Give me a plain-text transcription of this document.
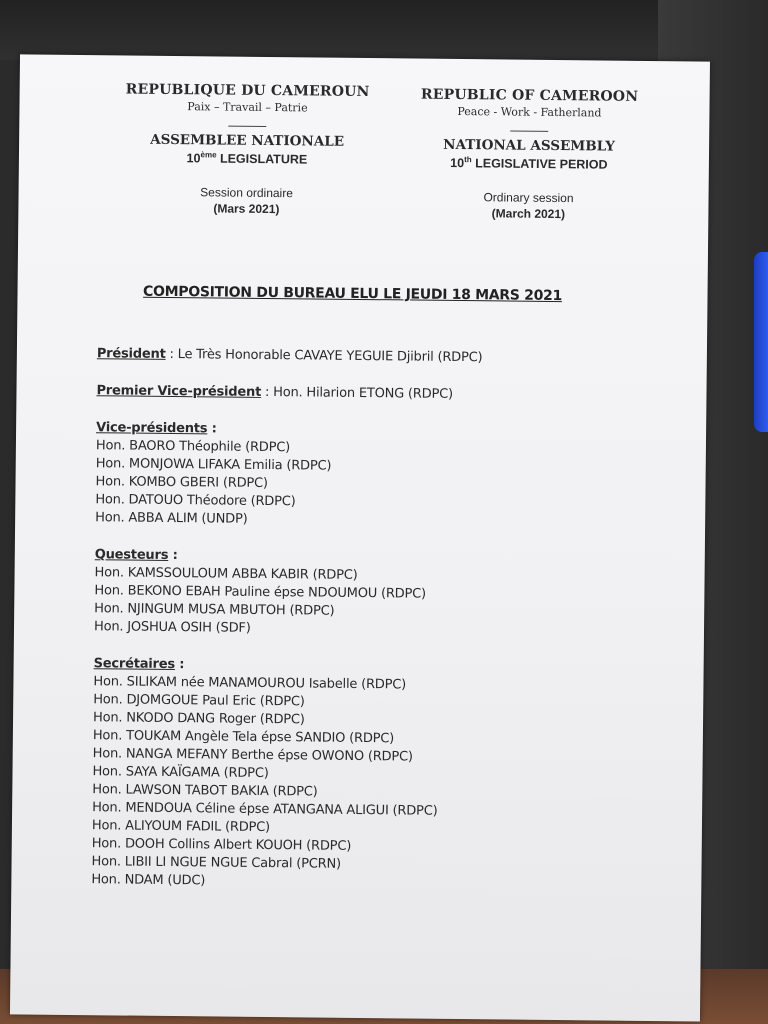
REPUBLIQUE DU CAMEROUN
Paix – Travail – Patrie
ASSEMBLEE NATIONALE
10ème LEGISLATURE
Session ordinaire
(Mars 2021)
REPUBLIC OF CAMEROON
Peace - Work - Fatherland
NATIONAL ASSEMBLY
10th LEGISLATIVE PERIOD
Ordinary session
(March 2021)
COMPOSITION DU BUREAU ELU LE JEUDI 18 MARS 2021
Président : Le Très Honorable CAVAYE YEGUIE Djibril (RDPC)
Premier Vice-président : Hon. Hilarion ETONG (RDPC)
Vice-présidents :
Hon. BAORO Théophile (RDPC)
Hon. MONJOWA LIFAKA Emilia (RDPC)
Hon. KOMBO GBERI (RDPC)
Hon. DATOUO Théodore (RDPC)
Hon. ABBA ALIM (UNDP)
Questeurs :
Hon. KAMSSOULOUM ABBA KABIR (RDPC)
Hon. BEKONO EBAH Pauline épse NDOUMOU (RDPC)
Hon. NJINGUM MUSA MBUTOH (RDPC)
Hon. JOSHUA OSIH (SDF)
Secrétaires :
Hon. SILIKAM née MANAMOUROU Isabelle (RDPC)
Hon. DJOMGOUE Paul Eric (RDPC)
Hon. NKODO DANG Roger (RDPC)
Hon. TOUKAM Angèle Tela épse SANDIO (RDPC)
Hon. NANGA MEFANY Berthe épse OWONO (RDPC)
Hon. SAYA KAÏGAMA (RDPC)
Hon. LAWSON TABOT BAKIA (RDPC)
Hon. MENDOUA Céline épse ATANGANA ALIGUI (RDPC)
Hon. ALIYOUM FADIL (RDPC)
Hon. DOOH Collins Albert KOUOH (RDPC)
Hon. LIBII LI NGUE NGUE Cabral (PCRN)
Hon. NDAM (UDC)
